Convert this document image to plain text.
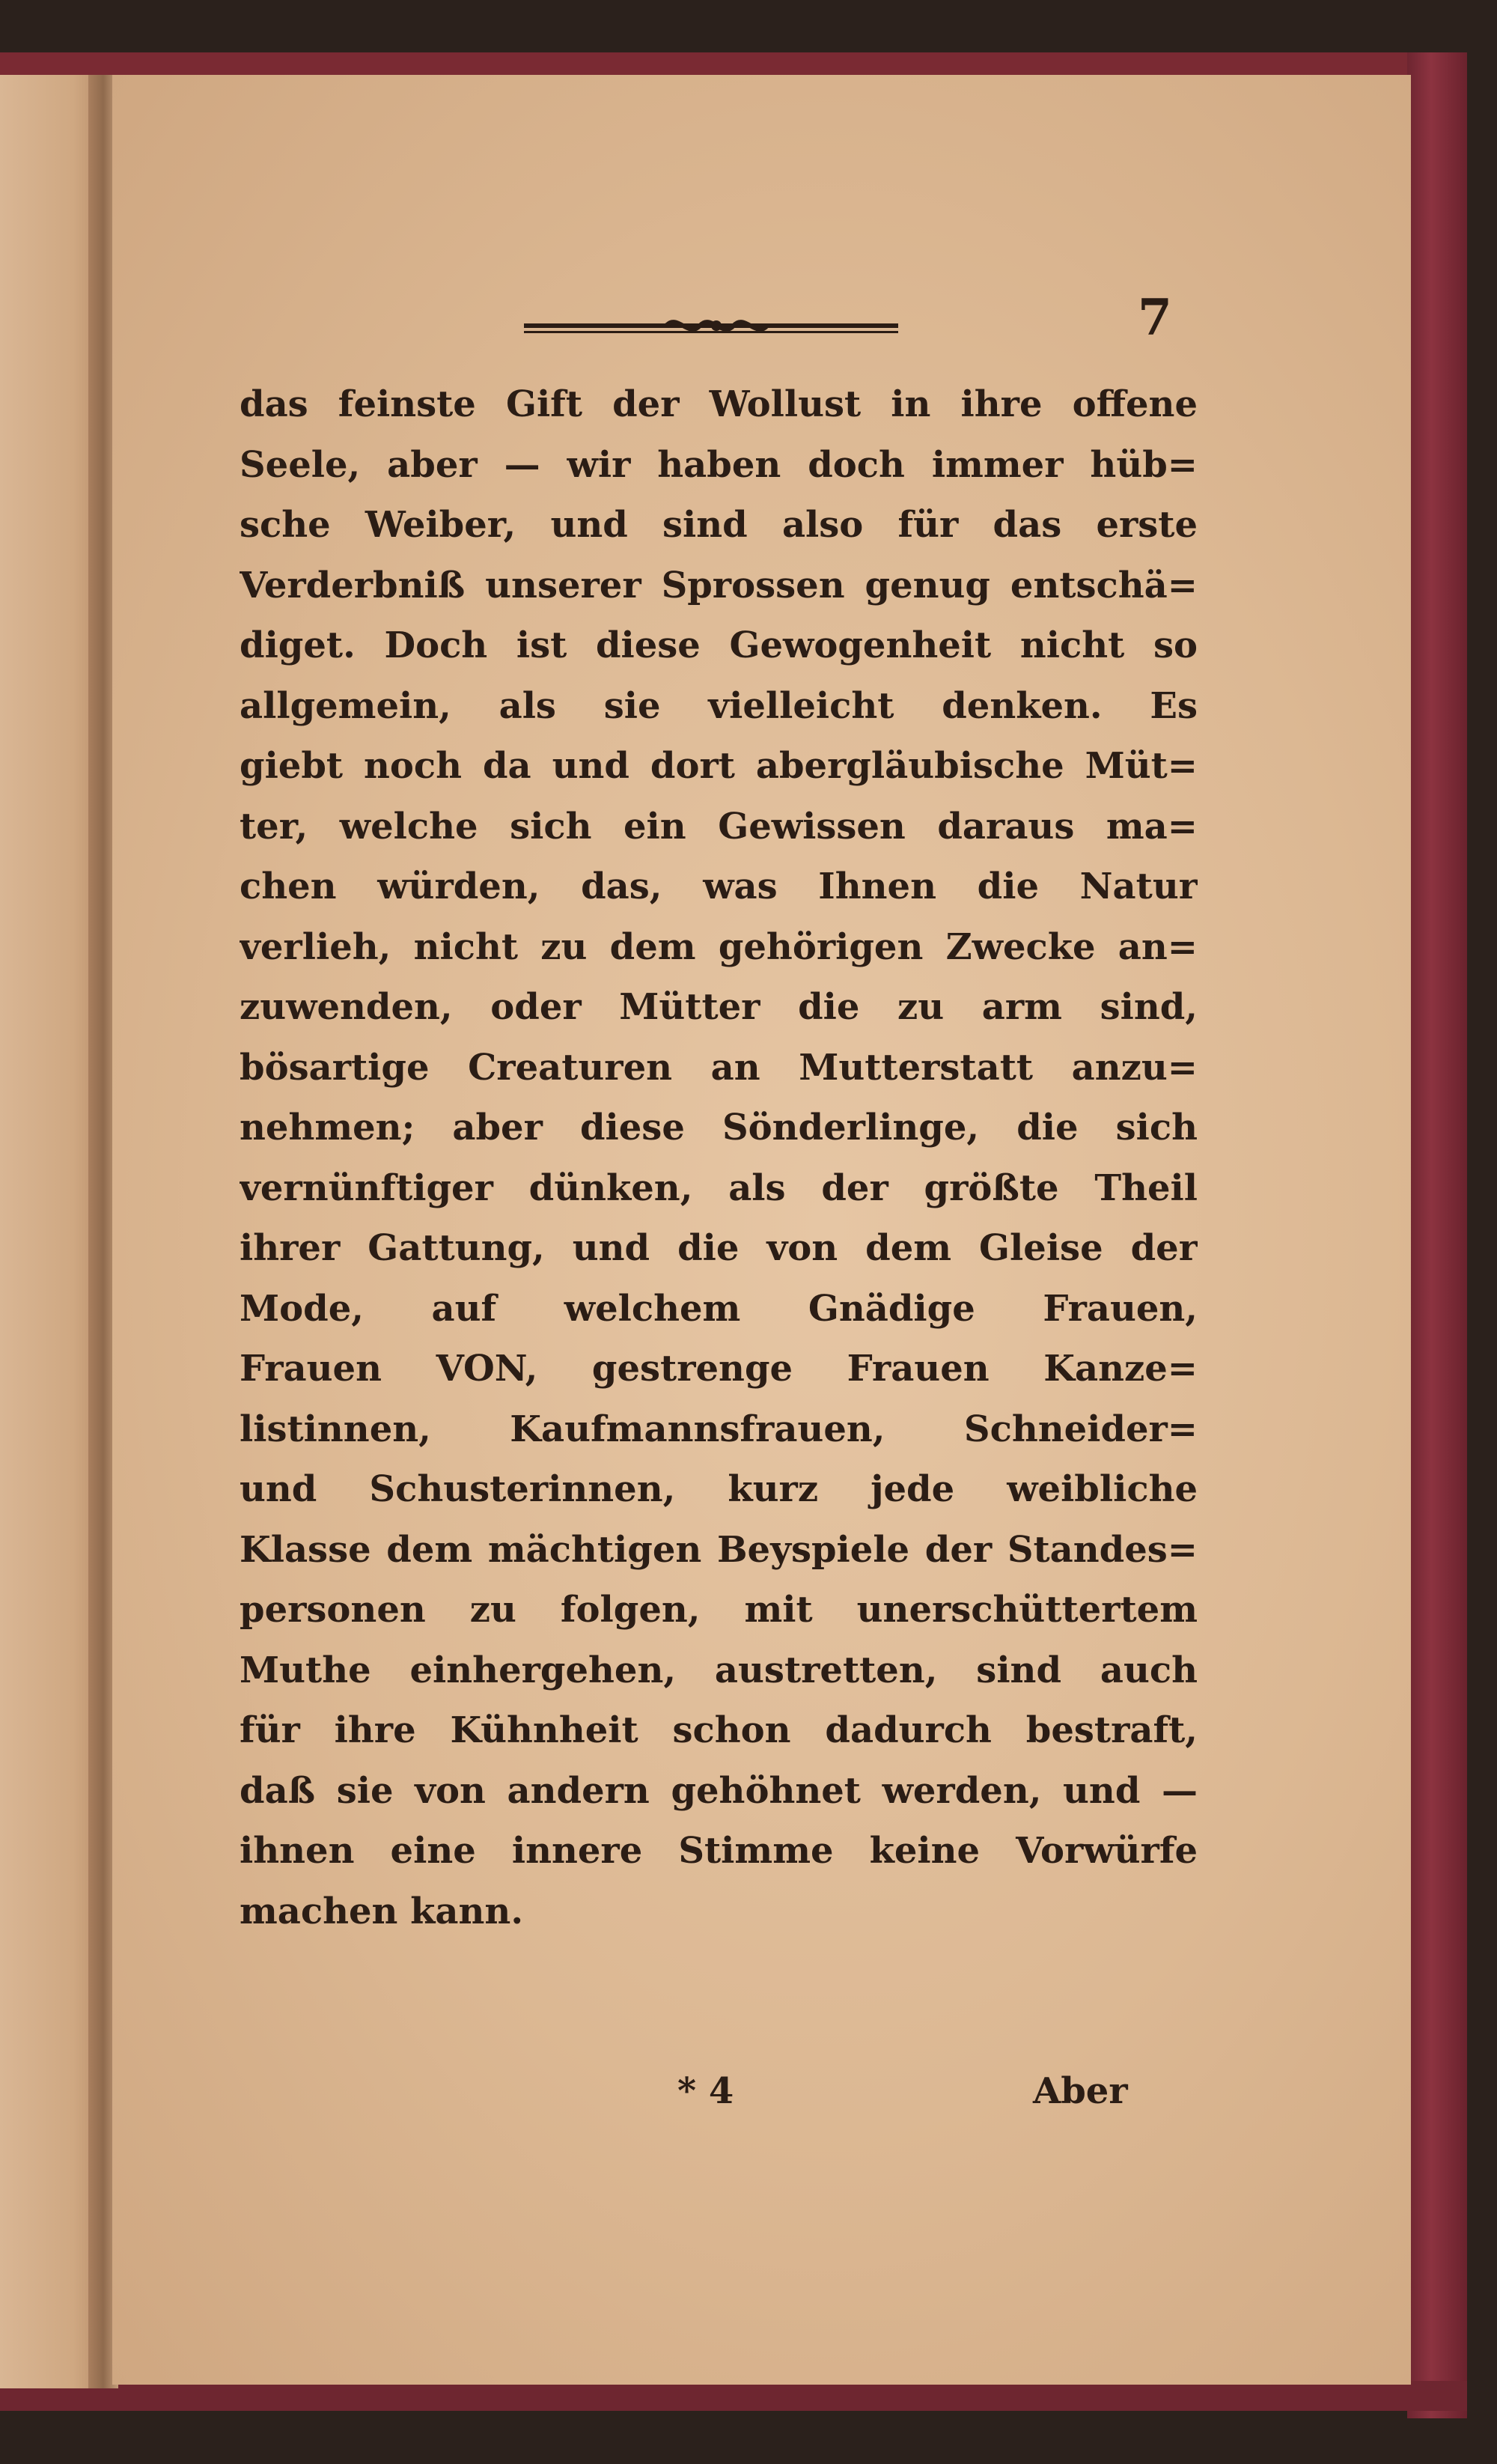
7

das feinste Gift der Wollust in ihre offene
Seele, aber — wir haben doch immer hüb=
sche Weiber, und sind also für das erste
Verderbniß unserer Sprossen genug entschä=
diget. Doch ist diese Gewogenheit nicht so
allgemein, als sie vielleicht denken. Es
giebt noch da und dort abergläubische Müt=
ter, welche sich ein Gewissen daraus ma=
chen würden, das, was Ihnen die Natur
verlieh, nicht zu dem gehörigen Zwecke an=
zuwenden, oder Mütter die zu arm sind,
bösartige Creaturen an Mutterstatt anzu=
nehmen; aber diese Sönderlinge, die sich
vernünftiger dünken, als der größte Theil
ihrer Gattung, und die von dem Gleise der
Mode, auf welchem Gnädige Frauen,
Frauen VON, gestrenge Frauen Kanze=
listinnen, Kaufmannsfrauen, Schneider=
und Schusterinnen, kurz jede weibliche
Klasse dem mächtigen Beyspiele der Standes=
personen zu folgen, mit unerschüttertem
Muthe einhergehen, austretten, sind auch
für ihre Kühnheit schon dadurch bestraft,
daß sie von andern gehöhnet werden, und —
ihnen eine innere Stimme keine Vorwürfe
machen kann.

* 4	Aber
